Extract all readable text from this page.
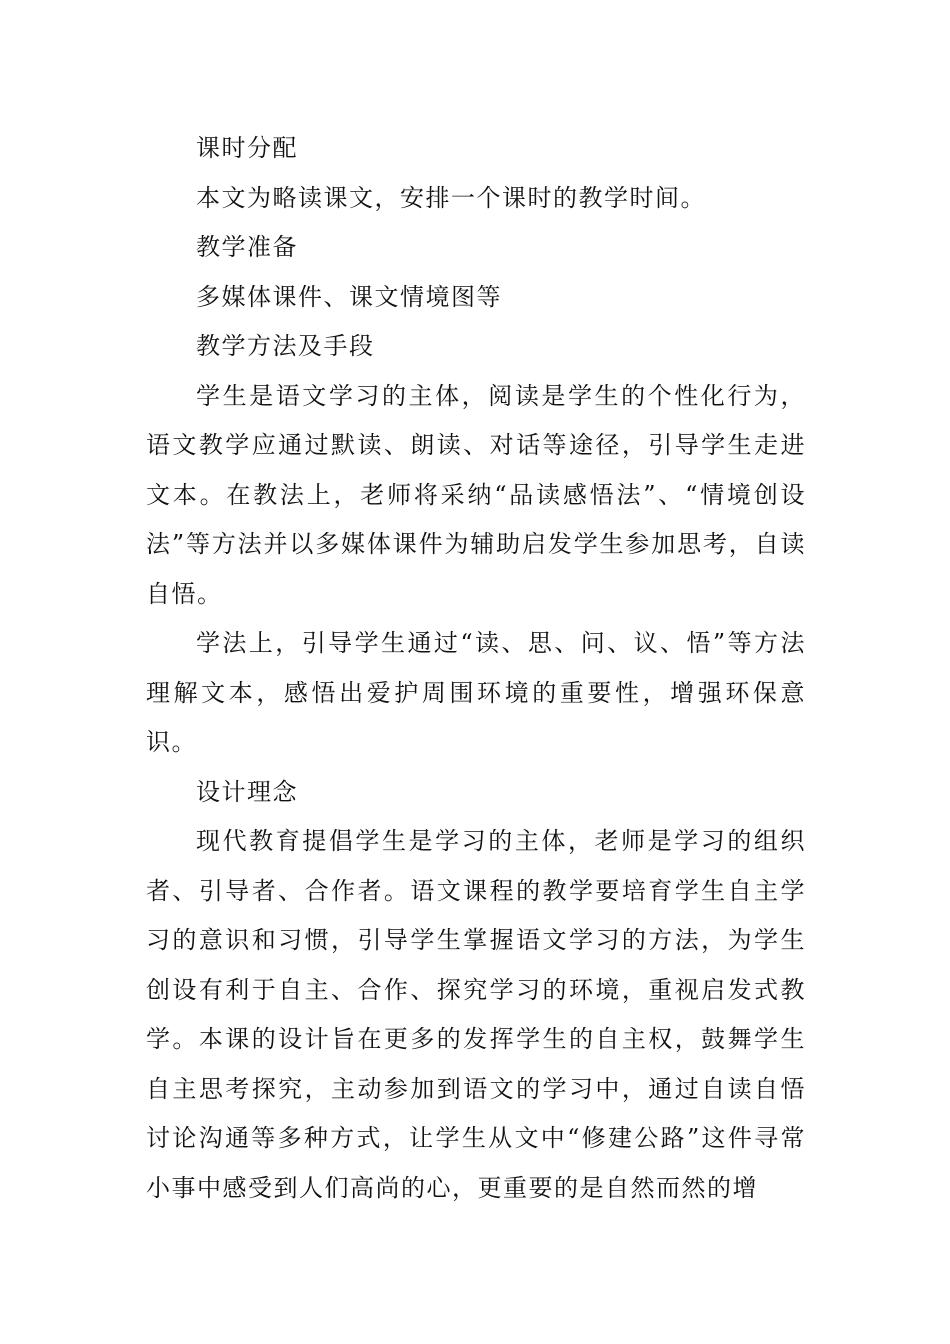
课时分配

本文为略读课文，安排一个课时的教学时间。

教学准备

多媒体课件、课文情境图等

教学方法及手段

学生是语文学习的主体，阅读是学生的个性化行为，语文教学应通过默读、朗读、对话等途径，引导学生走进文本。在教法上，老师将采纳“品读感悟法”、“情境创设法”等方法并以多媒体课件为辅助启发学生参加思考，自读自悟。

学法上，引导学生通过“读、思、问、议、悟”等方法理解文本，感悟出爱护周围环境的重要性，增强环保意识。

设计理念

现代教育提倡学生是学习的主体，老师是学习的组织者、引导者、合作者。语文课程的教学要培育学生自主学习的意识和习惯，引导学生掌握语文学习的方法，为学生创设有利于自主、合作、探究学习的环境，重视启发式教学。本课的设计旨在更多的发挥学生的自主权，鼓舞学生自主思考探究，主动参加到语文的学习中，通过自读自悟讨论沟通等多种方式，让学生从文中“修建公路”这件寻常小事中感受到人们高尚的心，更重要的是自然而然的增
